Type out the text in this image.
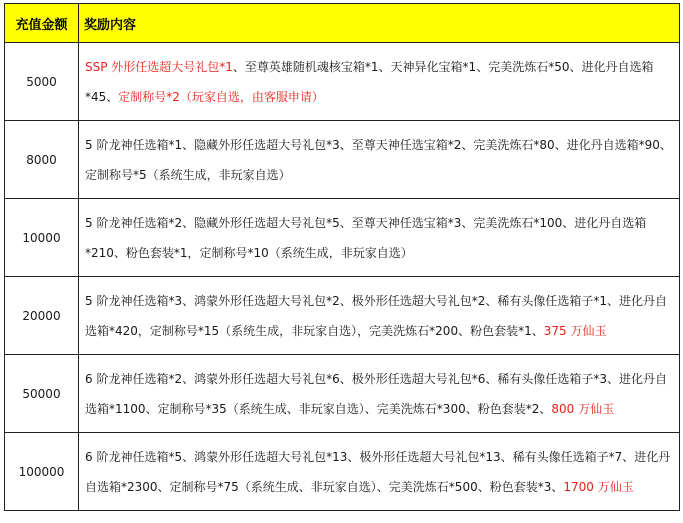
充值金额	奖励内容
5000	SSP 外形任选超大号礼包*1、至尊英雄随机魂核宝箱*1、天神异化宝箱*1、完美洗炼石*50、进化丹自选箱*45、定制称号*2（玩家自选，由客服申请）
8000	5 阶龙神任选箱*1、隐藏外形任选超大号礼包*3、至尊天神任选宝箱*2、完美洗炼石*80、进化丹自选箱*90、定制称号*5（系统生成，非玩家自选）
10000	5 阶龙神任选箱*2、隐藏外形任选超大号礼包*5、至尊天神任选宝箱*3、完美洗炼石*100、进化丹自选箱*210、粉色套装*1，定制称号*10（系统生成，非玩家自选）
20000	5 阶龙神任选箱*3、鸿蒙外形任选超大号礼包*2、极外形任选超大号礼包*2、稀有头像任选箱子*1、进化丹自选箱*420，定制称号*15（系统生成，非玩家自选），完美洗炼石*200、粉色套装*1、375 万仙玉
50000	6 阶龙神任选箱*2、鸿蒙外形任选超大号礼包*6、极外形任选超大号礼包*6、稀有头像任选箱子*3、进化丹自选箱*1100、定制称号*35（系统生成、非玩家自选）、完美洗炼石*300、粉色套装*2、800 万仙玉
100000	6 阶龙神任选箱*5、鸿蒙外形任选超大号礼包*13、极外形任选超大号礼包*13、稀有头像任选箱子*7、进化丹自选箱*2300、定制称号*75（系统生成、非玩家自选）、完美洗炼石*500、粉色套装*3、1700 万仙玉
